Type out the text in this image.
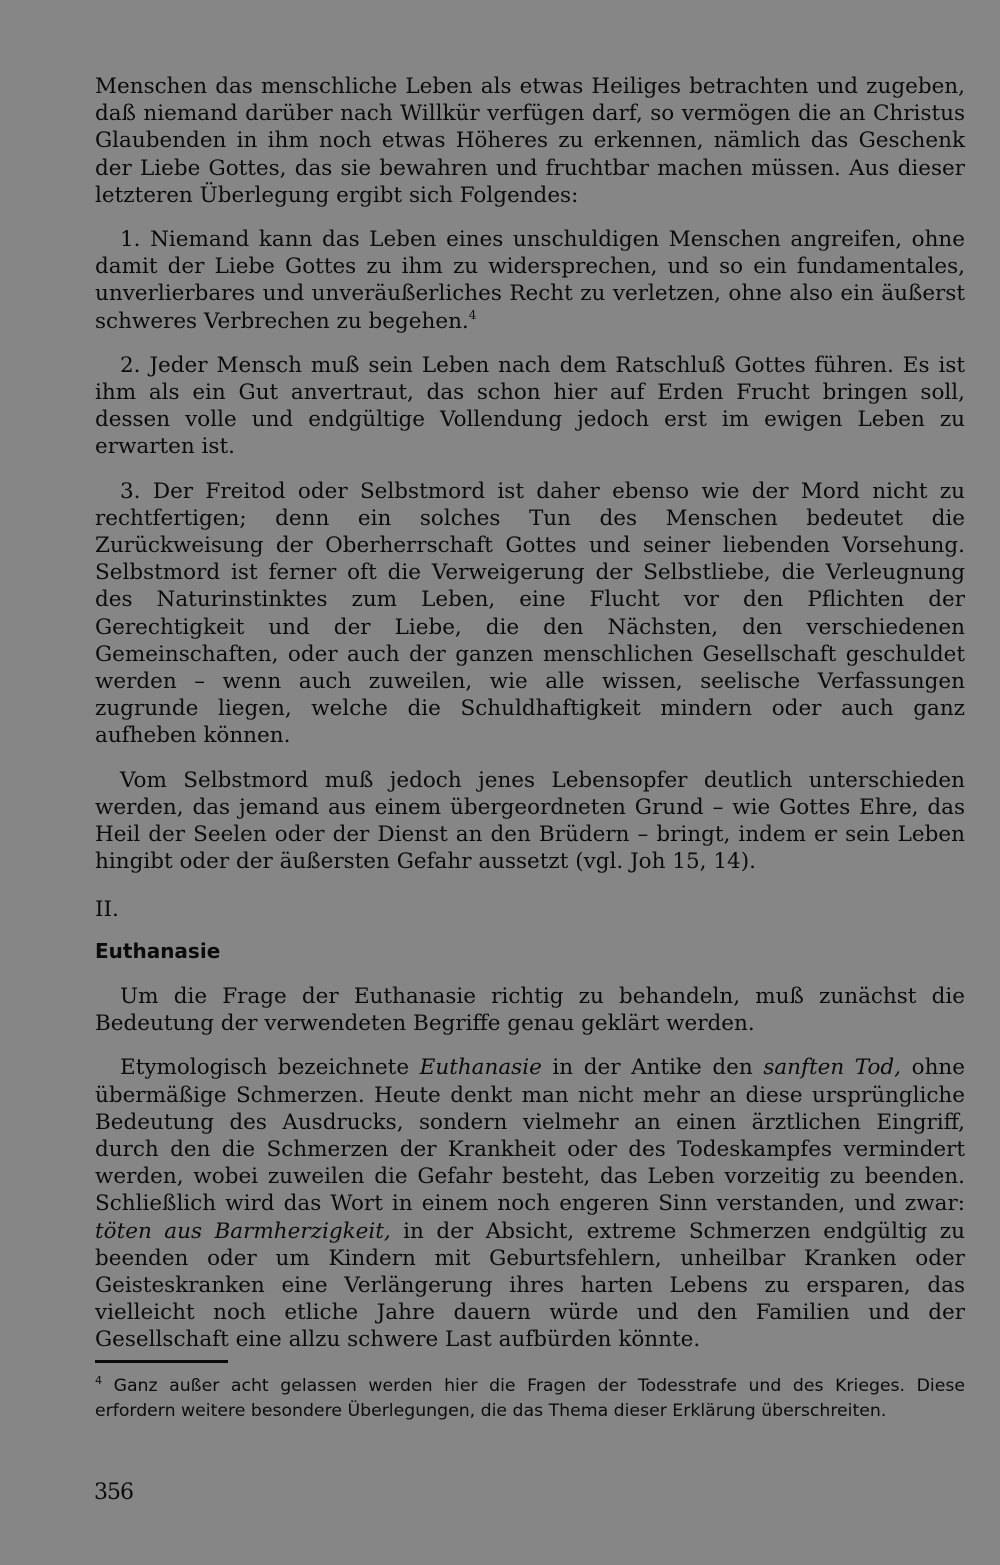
Menschen das menschliche Leben als etwas Heiliges betrachten und zugeben, daß niemand darüber nach Willkür verfügen darf, so vermögen die an Christus Glaubenden in ihm noch etwas Höheres zu erkennen, nämlich das Geschenk der Liebe Gottes, das sie bewahren und fruchtbar machen müssen. Aus dieser letzteren Überlegung ergibt sich Folgendes:

1. Niemand kann das Leben eines unschuldigen Menschen angreifen, ohne damit der Liebe Gottes zu ihm zu widersprechen, und so ein fundamentales, unverlierbares und unveräußerliches Recht zu verletzen, ohne also ein äußerst schweres Verbrechen zu begehen.$^4$

2. Jeder Mensch muß sein Leben nach dem Ratschluß Gottes führen. Es ist ihm als ein Gut anvertraut, das schon hier auf Erden Frucht bringen soll, dessen volle und endgültige Vollendung jedoch erst im ewigen Leben zu erwarten ist.

3. Der Freitod oder Selbstmord ist daher ebenso wie der Mord nicht zu rechtfertigen; denn ein solches Tun des Menschen bedeutet die Zurückweisung der Oberherrschaft Gottes und seiner liebenden Vorsehung. Selbstmord ist ferner oft die Verweigerung der Selbstliebe, die Verleugnung des Naturinstinktes zum Leben, eine Flucht vor den Pflichten der Gerechtigkeit und der Liebe, die den Nächsten, den verschiedenen Gemeinschaften, oder auch der ganzen menschlichen Gesellschaft geschuldet werden – wenn auch zuweilen, wie alle wissen, seelische Verfassungen zugrunde liegen, welche die Schuldhaftigkeit mindern oder auch ganz aufheben können.

Vom Selbstmord muß jedoch jenes Lebensopfer deutlich unterschieden werden, das jemand aus einem übergeordneten Grund – wie Gottes Ehre, das Heil der Seelen oder der Dienst an den Brüdern – bringt, indem er sein Leben hingibt oder der äußersten Gefahr aussetzt (vgl. Joh 15, 14).

II.
Euthanasie

Um die Frage der Euthanasie richtig zu behandeln, muß zunächst die Bedeutung der verwendeten Begriffe genau geklärt werden.

Etymologisch bezeichnete Euthanasie in der Antike den sanften Tod, ohne übermäßige Schmerzen. Heute denkt man nicht mehr an diese ursprüngliche Bedeutung des Ausdrucks, sondern vielmehr an einen ärztlichen Eingriff, durch den die Schmerzen der Krankheit oder des Todeskampfes vermindert werden, wobei zuweilen die Gefahr besteht, das Leben vorzeitig zu beenden. Schließlich wird das Wort in einem noch engeren Sinn verstanden, und zwar: töten aus Barmherzigkeit, in der Absicht, extreme Schmerzen endgültig zu beenden oder um Kindern mit Geburtsfehlern, unheilbar Kranken oder Geisteskranken eine Verlängerung ihres harten Lebens zu ersparen, das vielleicht noch etliche Jahre dauern würde und den Familien und der Gesellschaft eine allzu schwere Last aufbürden könnte.

$^4$ Ganz außer acht gelassen werden hier die Fragen der Todesstrafe und des Krieges. Diese erfordern weitere besondere Überlegungen, die das Thema dieser Erklärung überschreiten.

356
